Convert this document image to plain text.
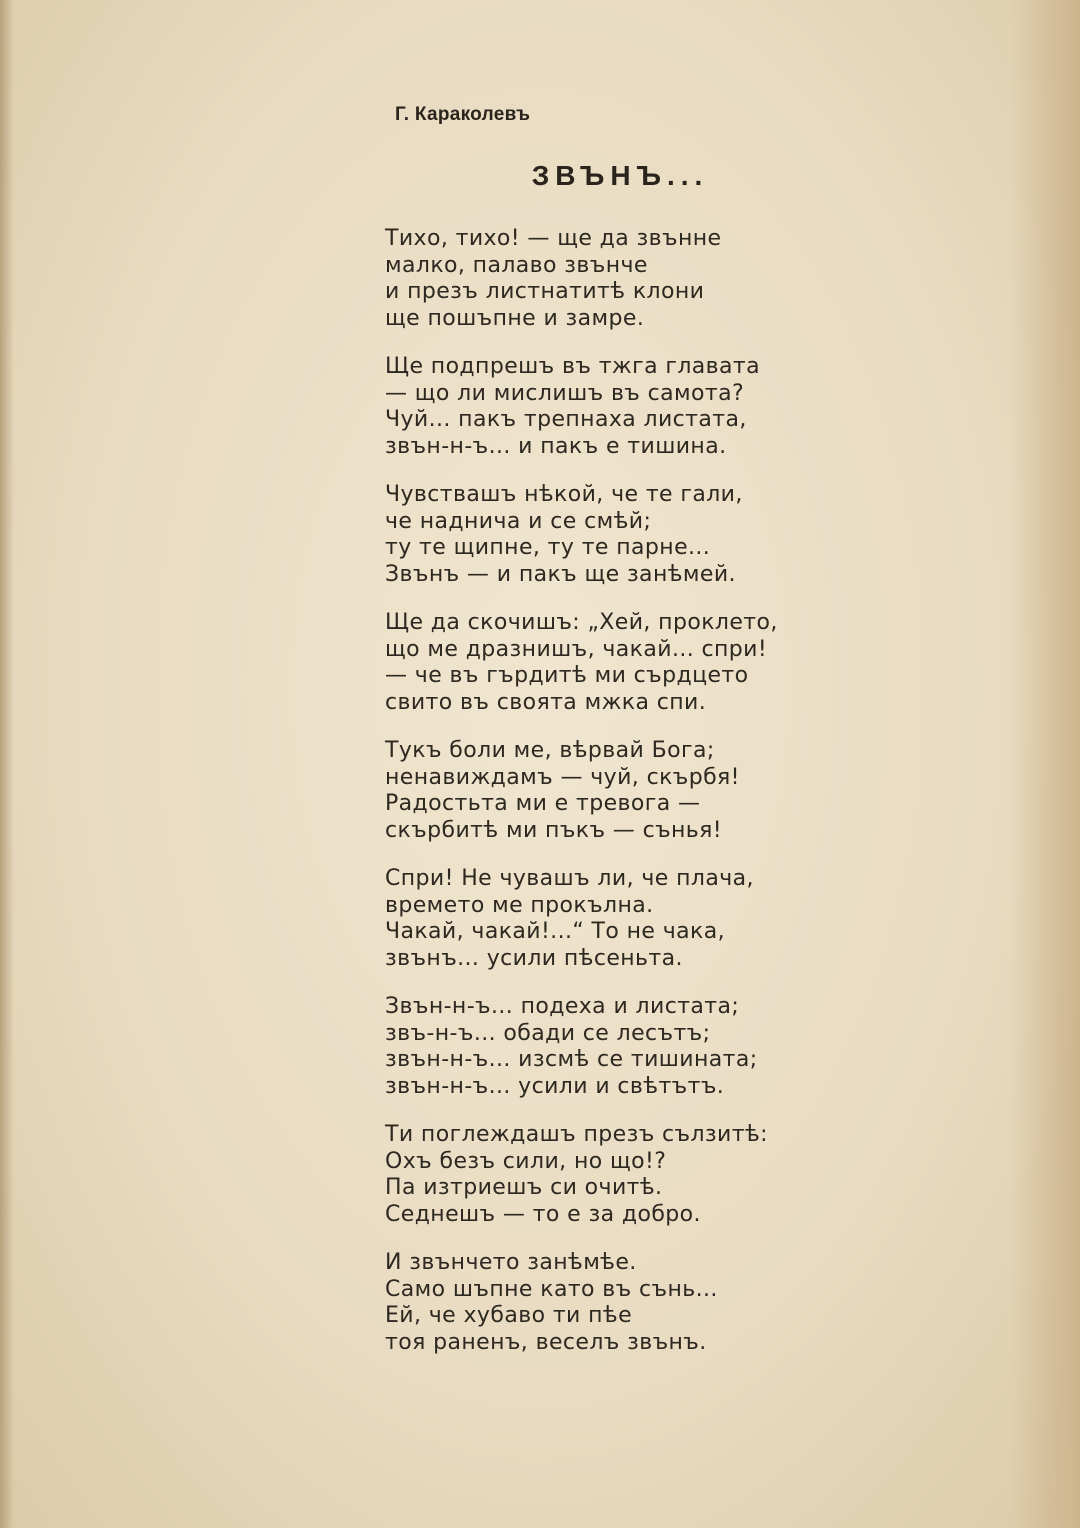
Г. Караколевъ
ЗВЪНЪ...
Тихо, тихо! — ще да звънне
малко, палаво звънче
и презъ листнатитѣ клони
ще пошъпне и замре.
Ще подпрешъ въ тжга главата
— що ли мислишъ въ самота?
Чуй... пакъ трепнаха листата,
звън-н-ъ... и пакъ е тишина.
Чувствашъ нѣкой, че те гали,
че надничa и се смѣй;
ту те щипне, ту те парне...
Звънъ — и пакъ ще занѣмей.
Ще да скочишъ: „Хей, проклето,
що ме дразнишъ, чакай... спри!
— че въ гърдитѣ ми сърдцето
свито въ своята мжка спи.
Тукъ боли ме, вѣрвай Бога;
ненавиждамъ — чуй, скърбя!
Радостьта ми е тревога —
скърбитѣ ми пъкъ — сънья!
Спри! Не чувашъ ли, че плача,
времето ме прокълна.
Чакай, чакай!...“ То не чака,
звънъ... усили пѣсеньта.
Звън-н-ъ... подеха и листата;
звъ-н-ъ... обади се лесътъ;
звън-н-ъ... изсмѣ се тишината;
звън-н-ъ... усили и свѣтътъ.
Ти поглеждашъ презъ сълзитѣ:
Охъ безъ сили, но що!?
Па изтриешъ си очитѣ.
Седнешъ — то е за добро.
И звънчето занѣмѣе.
Само шъпне като въ сънь...
Ей, че хубаво ти пѣе
тоя раненъ, веселъ звънъ.
